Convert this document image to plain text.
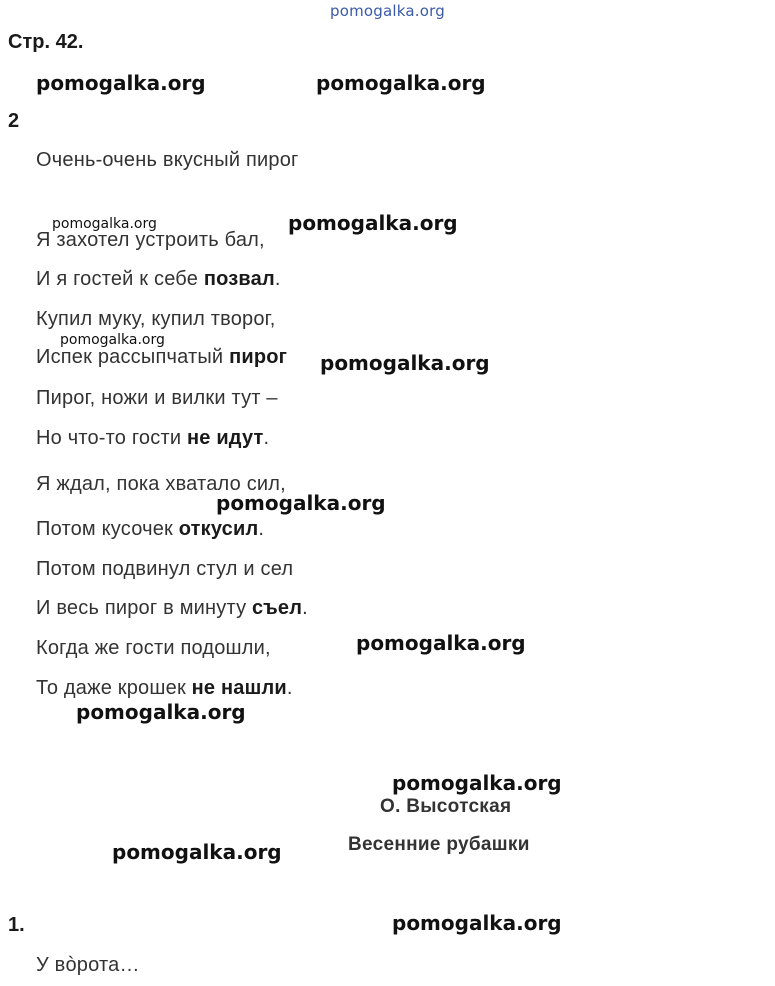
pomogalka.org
Стр. 42.
pomogalka.org	pomogalka.org
2
Очень-очень вкусный пирог
Я захотел устроить бал,
И я гостей к себе позвал.
Купил муку, купил творог,
Испек рассыпчатый пирог
Пирог, ножи и вилки тут –
Но что-то гости не идут.
Я ждал, пока хватало сил,
Потом кусочек откусил.
Потом подвинул стул и сел
И весь пирог в минуту съел.
Когда же гости подошли,
То даже крошек не нашли.
pomogalka.org	pomogalka.org
pomogalka.org
pomogalka.org
pomogalka.org
pomogalka.org
pomogalka.org
pomogalka.org
О. Высотская
Весенние рубашки
pomogalka.org
1.	pomogalka.org
У вòрота…
